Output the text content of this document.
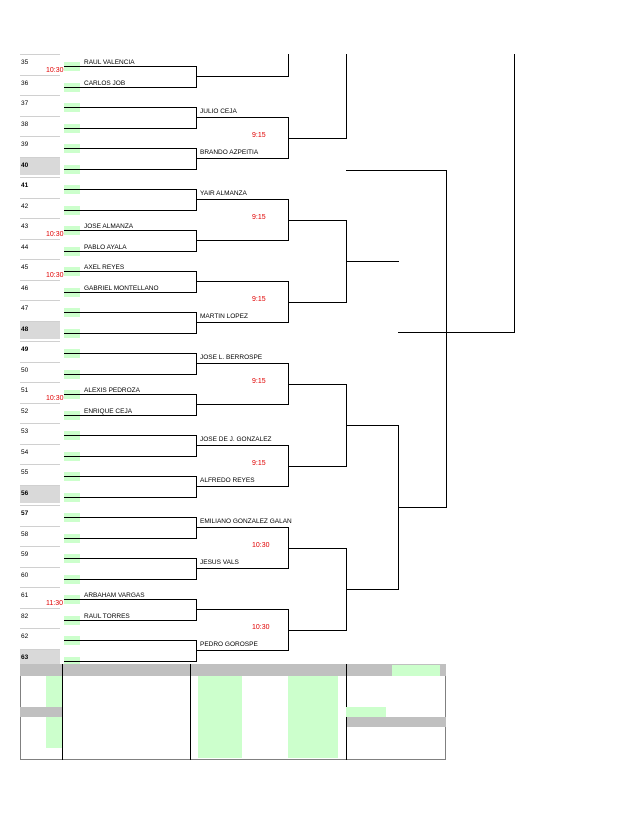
35	RAUL VALENCIA
36	CARLOS JOB
37
38
39
40
41
42
43	JOSE ALMANZA
44	PABLO AYALA
45	AXEL REYES
46	GABRIEL MONTELLANO
47
48
49
50
51	ALEXIS PEDROZA
52	ENRIQUE CEJA
53
54
55
56
57
58
59
60
61	ARBAHAM VARGAS
82	RAUL TORRES
62
63
10:30
10:30
10:30
10:30
11:30
JULIO CEJA
BRANDO AZPEITIA
9:15
YAIR ALMANZA
9:15
MARTIN LOPEZ
9:15
JOSE L. BERROSPE
9:15
JOSE DE J. GONZALEZ
ALFREDO REYES
9:15
EMILIANO GONZALEZ GALAN
JESUS VALS
10:30
PEDRO GOROSPE
10:30
